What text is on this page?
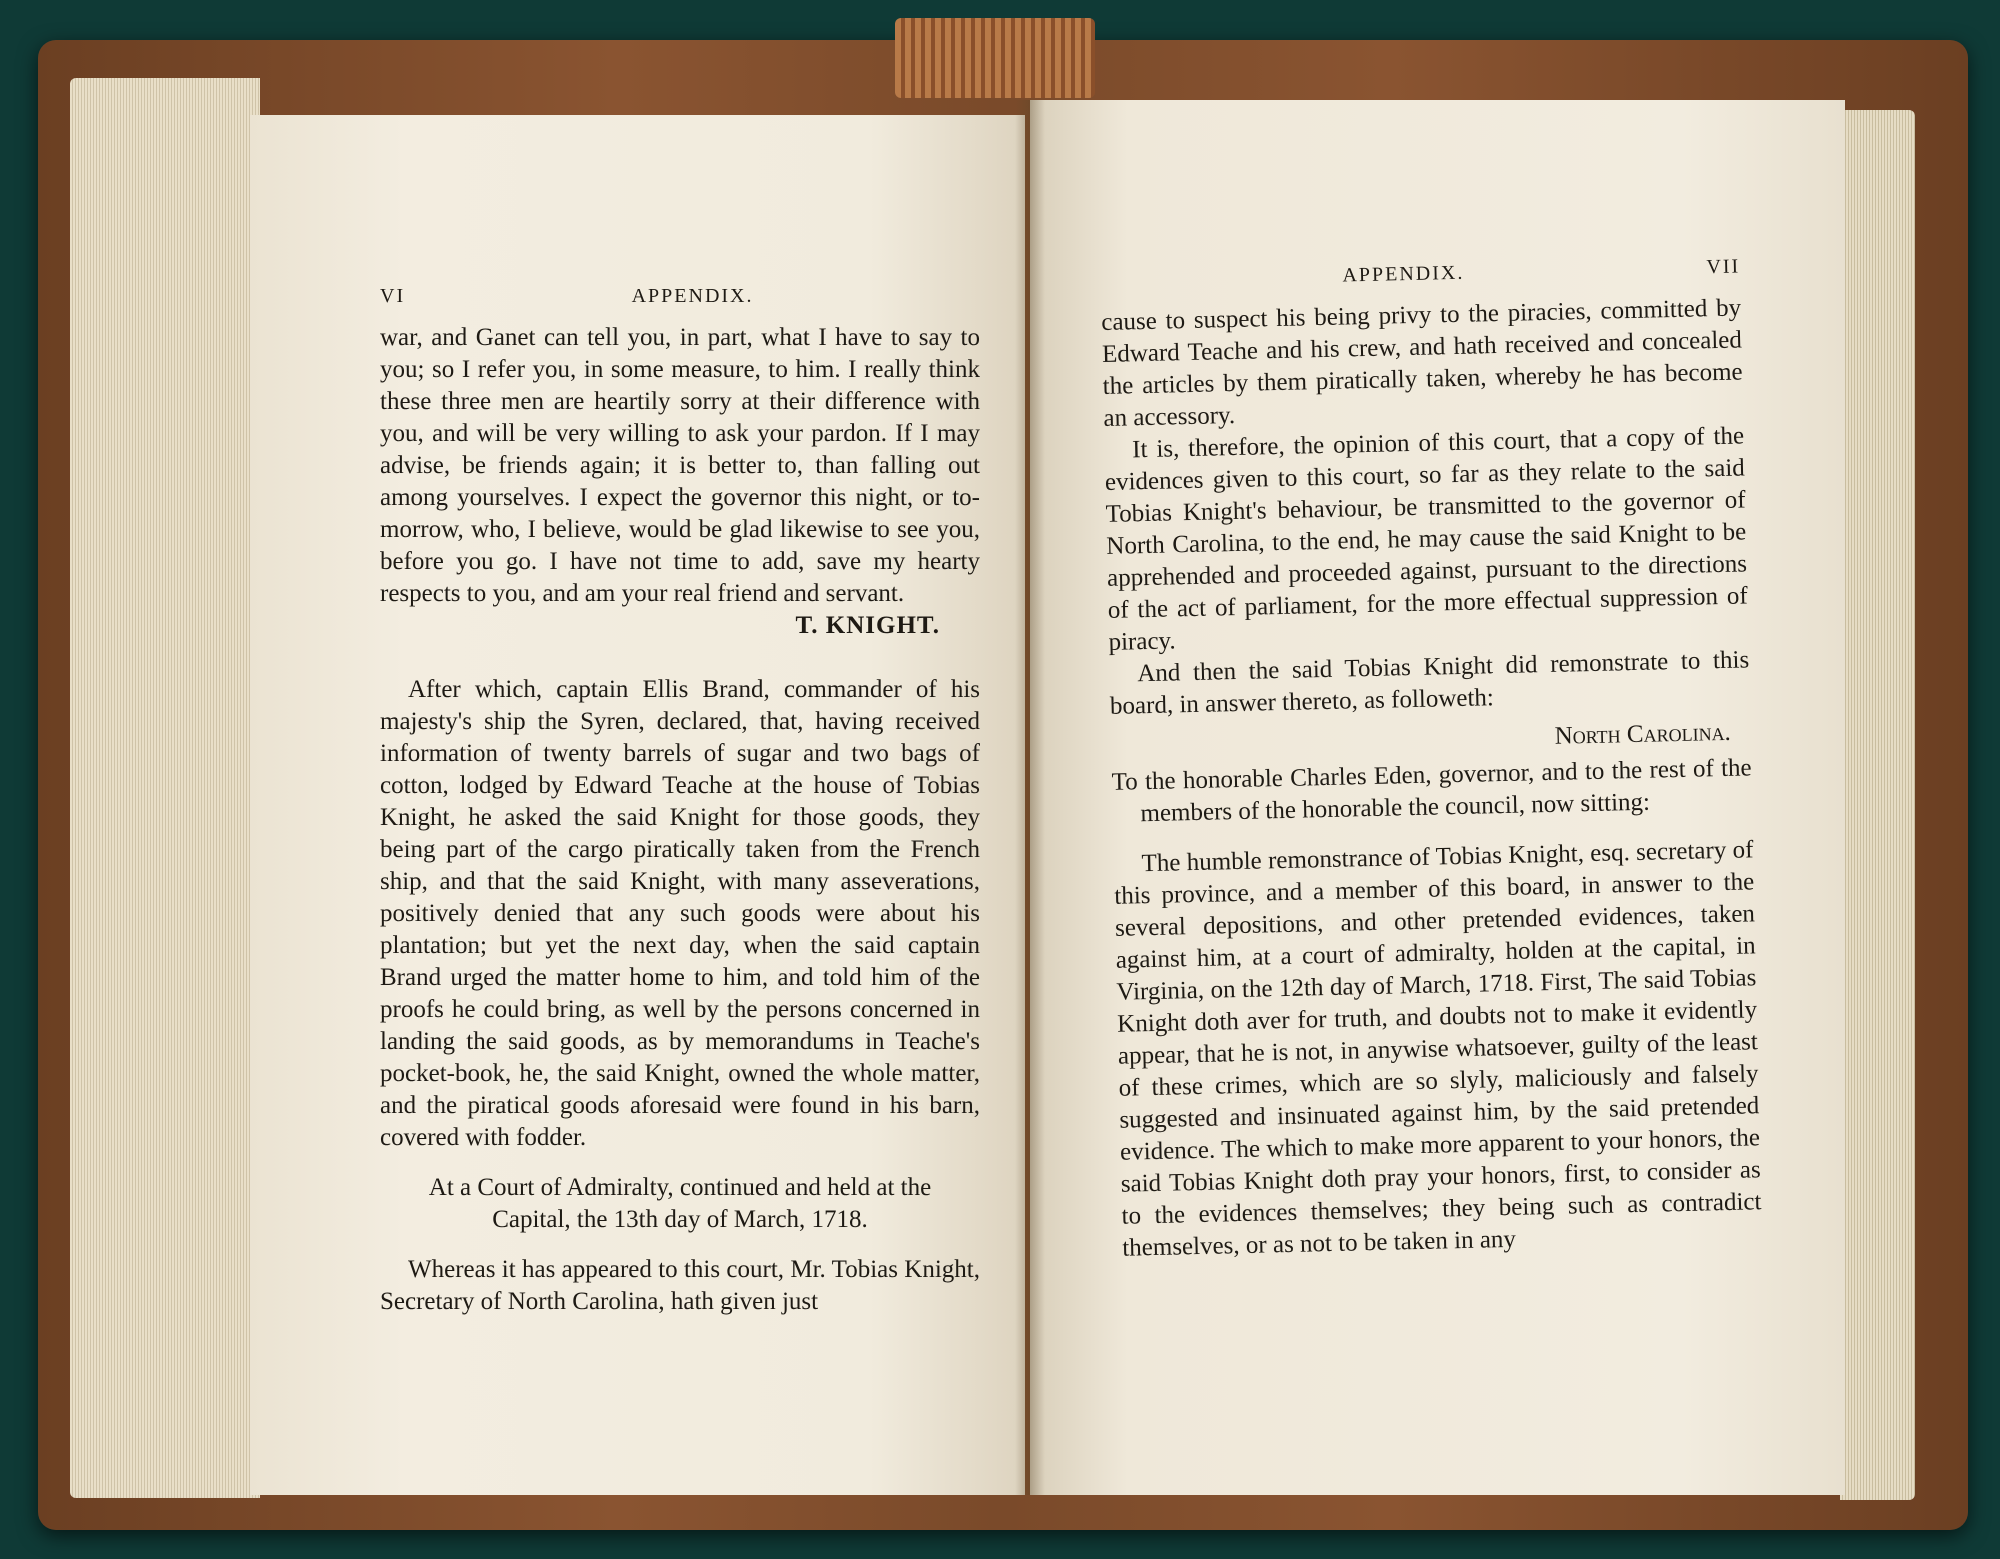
VI	APPENDIX.

war, and Ganet can tell you, in part, what I have to say to you; so I refer you, in some measure, to him. I really think these three men are heartily sorry at their difference with you, and will be very willing to ask your pardon. If I may advise, be friends again; it is better to, than falling out among yourselves. I expect the governor this night, or to-morrow, who, I believe, would be glad likewise to see you, before you go. I have not time to add, save my hearty respects to you, and am your real friend and servant.

T. KNIGHT.

After which, captain Ellis Brand, commander of his majesty's ship the Syren, declared, that, having received information of twenty barrels of sugar and two bags of cotton, lodged by Edward Teache at the house of Tobias Knight, he asked the said Knight for those goods, they being part of the cargo piratically taken from the French ship, and that the said Knight, with many asseverations, positively denied that any such goods were about his plantation; but yet the next day, when the said captain Brand urged the matter home to him, and told him of the proofs he could bring, as well by the persons concerned in landing the said goods, as by memorandums in Teache's pocket-book, he, the said Knight, owned the whole matter, and the piratical goods aforesaid were found in his barn, covered with fodder.

At a Court of Admiralty, continued and held at the

Capital, the 13th day of March, 1718.

Whereas it has appeared to this court, Mr. Tobias Knight, Secretary of North Carolina, hath given just

APPENDIX.	VII

cause to suspect his being privy to the piracies, committed by Edward Teache and his crew, and hath received and concealed the articles by them piratically taken, whereby he has become an accessory.

It is, therefore, the opinion of this court, that a copy of the evidences given to this court, so far as they relate to the said Tobias Knight's behaviour, be transmitted to the governor of North Carolina, to the end, he may cause the said Knight to be apprehended and proceeded against, pursuant to the directions of the act of parliament, for the more effectual suppression of piracy.

And then the said Tobias Knight did remonstrate to this board, in answer thereto, as followeth:

North Carolina.

To the honorable Charles Eden, governor, and to the rest of the members of the honorable the council, now sitting:

The humble remonstrance of Tobias Knight, esq. secretary of this province, and a member of this board, in answer to the several depositions, and other pretended evidences, taken against him, at a court of admiralty, holden at the capital, in Virginia, on the 12th day of March, 1718. First, The said Tobias Knight doth aver for truth, and doubts not to make it evidently appear, that he is not, in anywise whatsoever, guilty of the least of these crimes, which are so slyly, maliciously and falsely suggested and insinuated against him, by the said pretended evidence. The which to make more apparent to your honors, the said Tobias Knight doth pray your honors, first, to consider as to the evidences themselves; they being such as contradict themselves, or as not to be taken in any
